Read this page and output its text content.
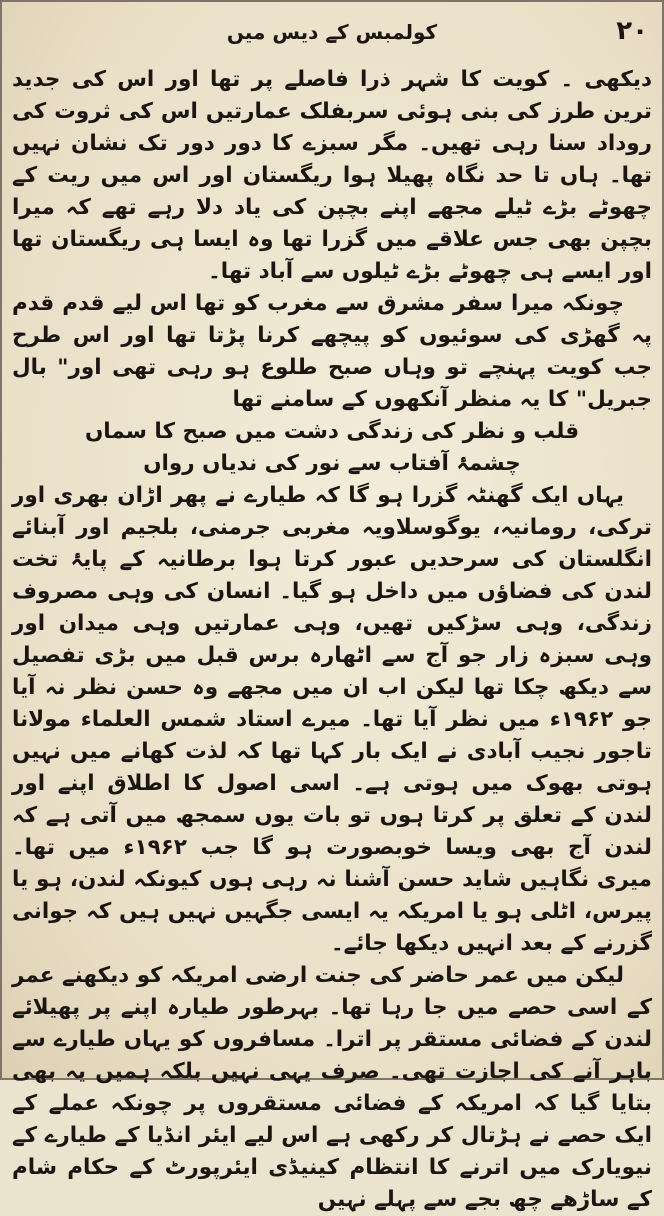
۲۰
کولمبس کے دیس میں

دیکھی ۔ کویت کا شہر ذرا فاصلے پر تھا اور اس کی جدید ترین طرز کی بنی ہوئی سربفلک عمارتیں اس کی ثروت کی روداد سنا رہی تھیں۔ مگر سبزے کا دور دور تک نشان نہیں تھا۔ ہاں تا حد نگاہ پھیلا ہوا ریگستان اور اس میں ریت کے چھوٹے بڑے ٹیلے مجھے اپنے بچپن کی یاد دلا رہے تھے کہ میرا بچپن بھی جس علاقے میں گزرا تھا وہ ایسا ہی ریگستان تھا اور ایسے ہی چھوٹے بڑے ٹیلوں سے آباد تھا۔

چونکہ میرا سفر مشرق سے مغرب کو تھا اس لیے قدم قدم پہ گھڑی کی سوئیوں کو پیچھے کرنا پڑتا تھا اور اس طرح جب کویت پہنچے تو وہاں صبح طلوع ہو رہی تھی اور" بال جبریل" کا یہ منظر آنکھوں کے سامنے تھا

قلب و نظر کی زندگی دشت میں صبح کا سماں
چشمۂ آفتاب سے نور کی ندیاں رواں

یہاں ایک گھنٹہ گزرا ہو گا کہ طیارے نے پھر اڑان بھری اور ترکی، رومانیہ، یوگوسلاویہ مغربی جرمنی، بلجیم اور آبنائے انگلستان کی سرحدیں عبور کرتا ہوا برطانیہ کے پایۂ تخت لندن کی فضاؤں میں داخل ہو گیا۔ انسان کی وہی مصروف زندگی، وہی سڑکیں تھیں، وہی عمارتیں وہی میدان اور وہی سبزہ زار جو آج سے اٹھارہ برس قبل میں بڑی تفصیل سے دیکھ چکا تھا لیکن اب ان میں مجھے وہ حسن نظر نہ آیا جو ۱۹۶۲ء میں نظر آیا تھا۔ میرے استاد شمس العلماء مولانا تاجور نجیب آبادی نے ایک بار کہا تھا کہ لذت کھانے میں نہیں ہوتی بھوک میں ہوتی ہے۔ اسی اصول کا اطلاق اپنے اور لندن کے تعلق پر کرتا ہوں تو بات یوں سمجھ میں آتی ہے کہ لندن آج بھی ویسا خوبصورت ہو گا جب ۱۹۶۲ء میں تھا۔ میری نگاہیں شاید حسن آشنا نہ رہی ہوں کیونکہ لندن، ہو یا پیرس، اٹلی ہو یا امریکہ یہ ایسی جگہیں نہیں ہیں کہ جوانی گزرنے کے بعد انہیں دیکھا جائے۔

لیکن میں عمر حاضر کی جنت ارضی امریکہ کو دیکھنے عمر کے اسی حصے میں جا رہا تھا۔ بہرطور طیارہ اپنے پر پھیلائے لندن کے فضائی مستقر پر اترا۔ مسافروں کو یہاں طیارے سے باہر آنے کی اجازت تھی۔ صرف یہی نہیں بلکہ ہمیں یہ بھی بتایا گیا کہ امریکہ کے فضائی مستقروں پر چونکہ عملے کے ایک حصے نے ہڑتال کر رکھی ہے اس لیے ایئر انڈیا کے طیارے کے نیویارک میں اترنے کا انتظام کینیڈی ایئرپورٹ کے حکام شام کے ساڑھے چھ بجے سے پہلے نہیں
